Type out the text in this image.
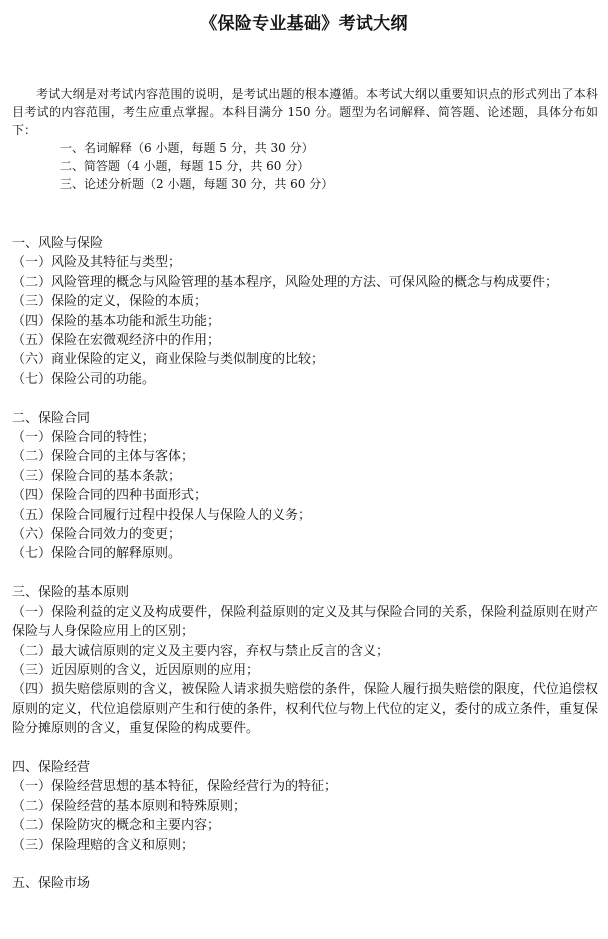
《保险专业基础》考试大纲

考试大纲是对考试内容范围的说明，是考试出题的根本遵循。本考试大纲以重要知识点的形式列出了本科目考试的内容范围，考生应重点掌握。本科目满分 150 分。题型为名词解释、简答题、论述题，具体分布如下：

一、名词解释（6 小题，每题 5 分，共 30 分）

二、简答题（4 小题，每题 15 分，共 60 分）

三、论述分析题（2 小题，每题 30 分，共 60 分）

一、风险与保险

（一）风险及其特征与类型；

（二）风险管理的概念与风险管理的基本程序，风险处理的方法、可保风险的概念与构成要件；

（三）保险的定义，保险的本质；

（四）保险的基本功能和派生功能；

（五）保险在宏微观经济中的作用；

（六）商业保险的定义，商业保险与类似制度的比较；

（七）保险公司的功能。

二、保险合同

（一）保险合同的特性；

（二）保险合同的主体与客体；

（三）保险合同的基本条款；

（四）保险合同的四种书面形式；

（五）保险合同履行过程中投保人与保险人的义务；

（六）保险合同效力的变更；

（七）保险合同的解释原则。

三、保险的基本原则

（一）保险利益的定义及构成要件，保险利益原则的定义及其与保险合同的关系，保险利益原则在财产保险与人身保险应用上的区别；

（二）最大诚信原则的定义及主要内容，弃权与禁止反言的含义；

（三）近因原则的含义，近因原则的应用；

（四）损失赔偿原则的含义，被保险人请求损失赔偿的条件，保险人履行损失赔偿的限度，代位追偿权原则的定义，代位追偿原则产生和行使的条件，权利代位与物上代位的定义，委付的成立条件，重复保险分摊原则的含义，重复保险的构成要件。

四、保险经营

（一）保险经营思想的基本特征，保险经营行为的特征；

（二）保险经营的基本原则和特殊原则；

（二）保险防灾的概念和主要内容；

（三）保险理赔的含义和原则；

五、保险市场
